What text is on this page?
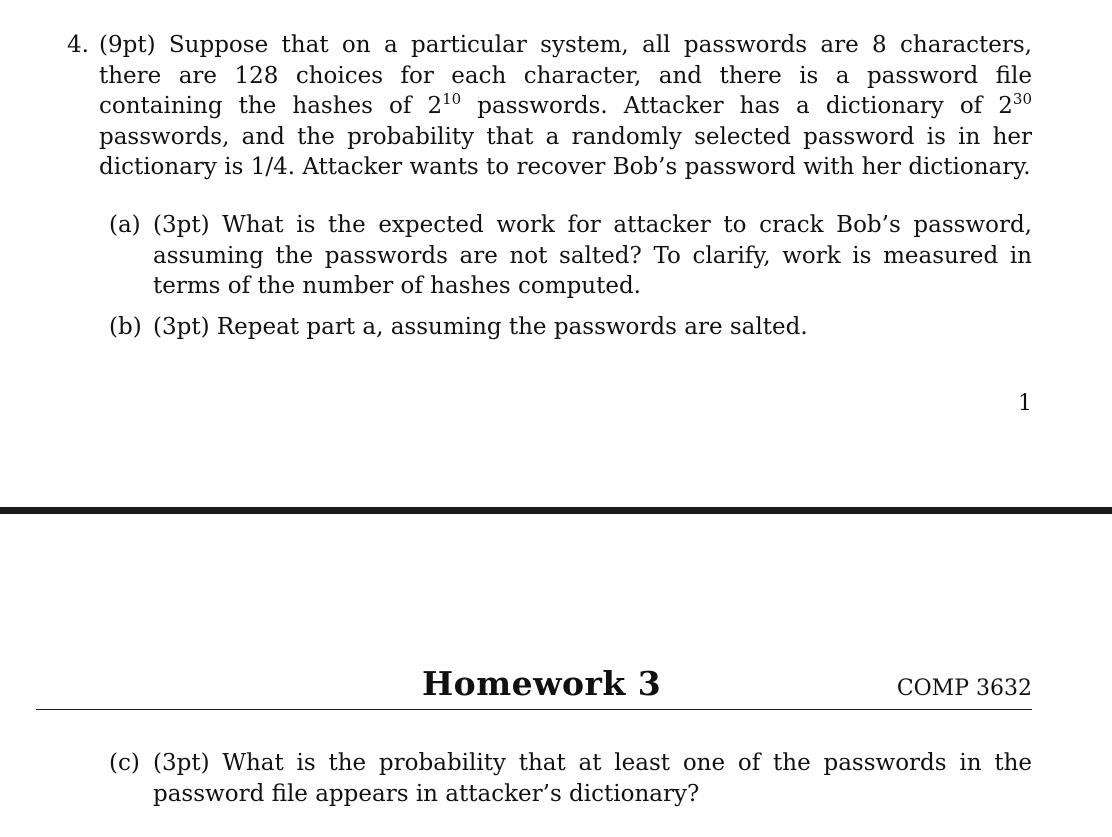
4. (9pt) Suppose that on a particular system, all passwords are 8 characters, there are 128 choices for each character, and there is a password file containing the hashes of $2^{10}$ passwords. Attacker has a dictionary of $2^{30}$ passwords, and the probability that a randomly selected password is in her dictionary is 1/4. Attacker wants to recover Bob’s password with her dictionary.
(a) (3pt) What is the expected work for attacker to crack Bob’s password, assuming the passwords are not salted? To clarify, work is measured in terms of the number of hashes computed.
(b) (3pt) Repeat part a, assuming the passwords are salted.
1
Homework 3	COMP 3632
(c) (3pt) What is the probability that at least one of the passwords in the password file appears in attacker’s dictionary?
